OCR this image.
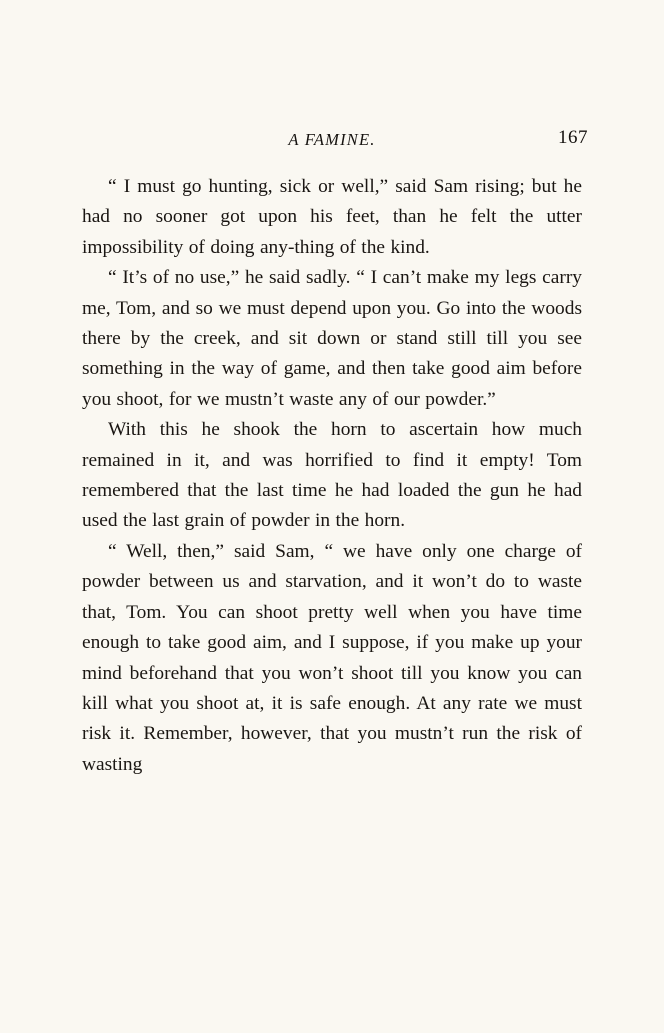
A FAMINE.	167

“ I must go hunting, sick or well,” said Sam rising; but he had no sooner got upon his feet, than he felt the utter impossibility of doing any-thing of the kind.

“ It’s of no use,” he said sadly. “ I can’t make my legs carry me, Tom, and so we must depend upon you. Go into the woods there by the creek, and sit down or stand still till you see something in the way of game, and then take good aim before you shoot, for we mustn’t waste any of our powder.”

With this he shook the horn to ascertain how much remained in it, and was horrified to find it empty! Tom remembered that the last time he had loaded the gun he had used the last grain of powder in the horn.

“ Well, then,” said Sam, “ we have only one charge of powder between us and starvation, and it won’t do to waste that, Tom. You can shoot pretty well when you have time enough to take good aim, and I suppose, if you make up your mind beforehand that you won’t shoot till you know you can kill what you shoot at, it is safe enough. At any rate we must risk it. Remember, however, that you mustn’t run the risk of wasting
